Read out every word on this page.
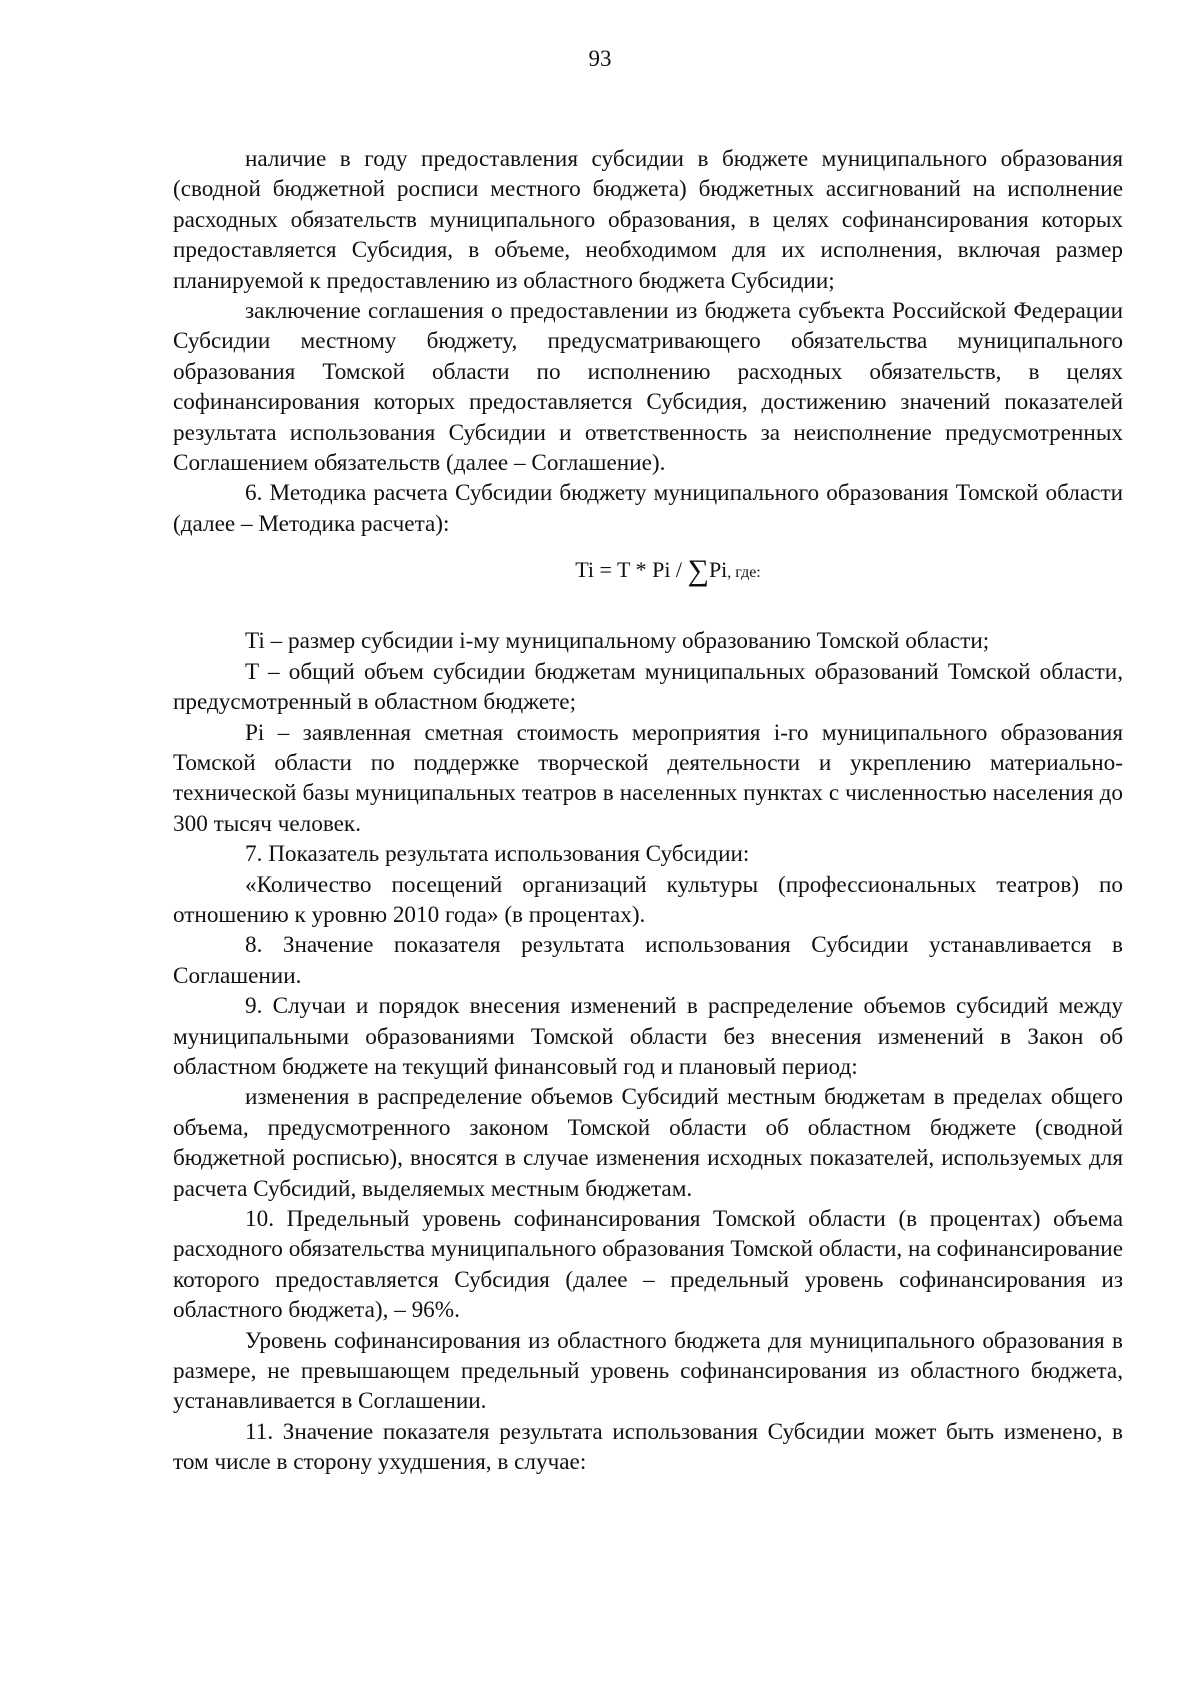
93

наличие в году предоставления субсидии в бюджете муниципального образования (сводной бюджетной росписи местного бюджета) бюджетных ассигнований на исполнение расходных обязательств муниципального образования, в целях софинансирования которых предоставляется Субсидия, в объеме, необходимом для их исполнения, включая размер планируемой к предоставлению из областного бюджета Субсидии;

заключение соглашения о предоставлении из бюджета субъекта Российской Федерации Субсидии местному бюджету, предусматривающего обязательства муниципального образования Томской области по исполнению расходных обязательств, в целях софинансирования которых предоставляется Субсидия, достижению значений показателей результата использования Субсидии и ответственность за неисполнение предусмотренных Соглашением обязательств (далее – Соглашение).

6. Методика расчета Субсидии бюджету муниципального образования Томской области (далее – Методика расчета):

Ti = T * Pi / ∑Pi, где:

Ti – размер субсидии i-му муниципальному образованию Томской области;

T – общий объем субсидии бюджетам муниципальных образований Томской области, предусмотренный в областном бюджете;

Pi – заявленная сметная стоимость мероприятия i-го муниципального образования Томской области по поддержке творческой деятельности и укреплению материально-технической базы муниципальных театров в населенных пунктах с численностью населения до 300 тысяч человек.

7. Показатель результата использования Субсидии:

«Количество посещений организаций культуры (профессиональных театров) по отношению к уровню 2010 года» (в процентах).

8. Значение показателя результата использования Субсидии устанавливается в Соглашении.

9. Случаи и порядок внесения изменений в распределение объемов субсидий между муниципальными образованиями Томской области без внесения изменений в Закон об областном бюджете на текущий финансовый год и плановый период:

изменения в распределение объемов Субсидий местным бюджетам в пределах общего объема, предусмотренного законом Томской области об областном бюджете (сводной бюджетной росписью), вносятся в случае изменения исходных показателей, используемых для расчета Субсидий, выделяемых местным бюджетам.

10. Предельный уровень софинансирования Томской области (в процентах) объема расходного обязательства муниципального образования Томской области, на софинансирование которого предоставляется Субсидия (далее – предельный уровень софинансирования из областного бюджета), – 96%.

Уровень софинансирования из областного бюджета для муниципального образования в размере, не превышающем предельный уровень софинансирования из областного бюджета, устанавливается в Соглашении.

11. Значение показателя результата использования Субсидии может быть изменено, в том числе в сторону ухудшения, в случае:
